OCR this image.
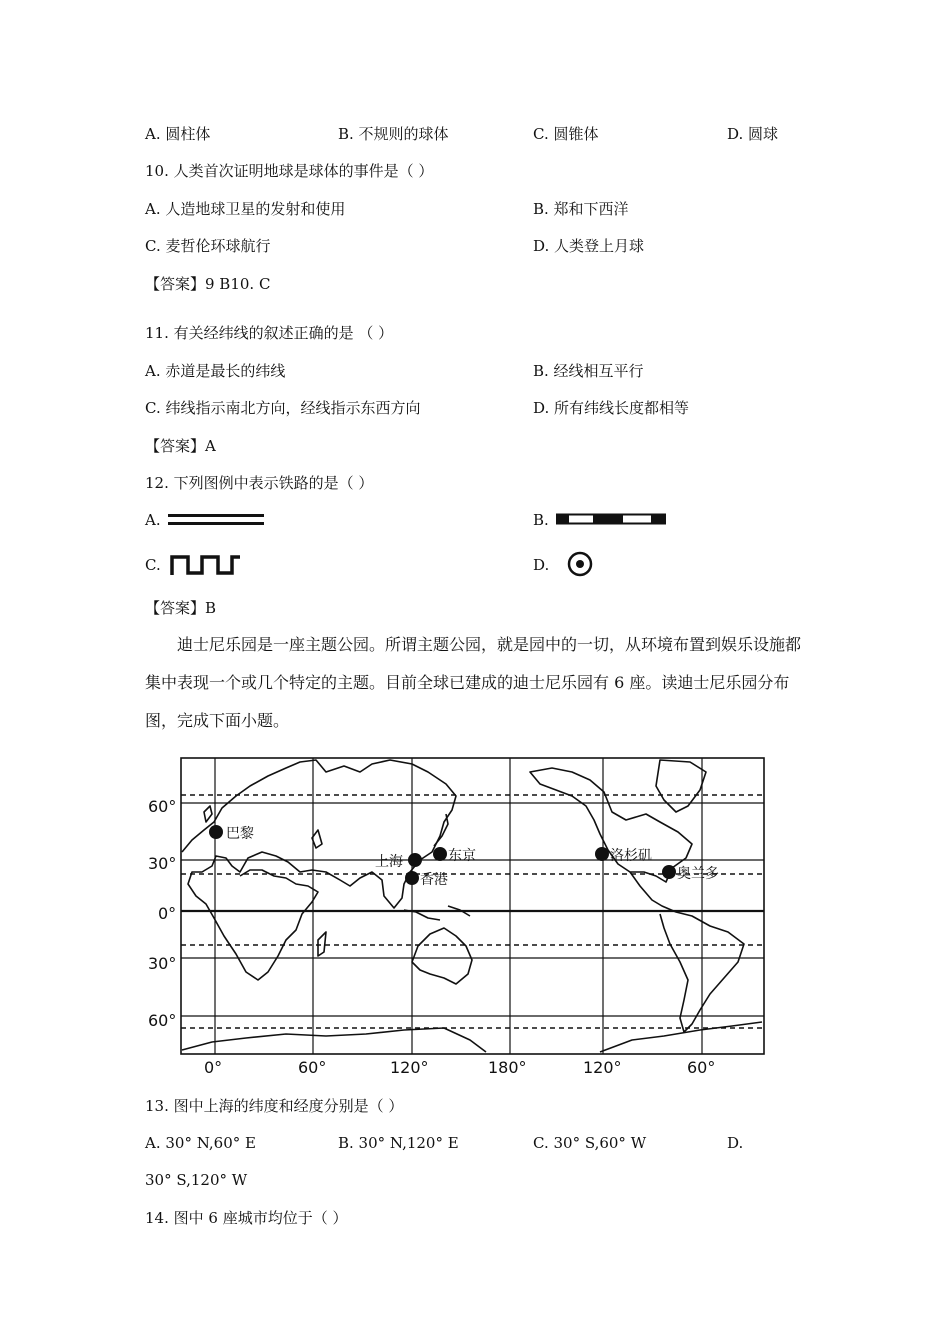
A. 圆柱体	B. 不规则的球体	C. 圆锥体	D. 圆球
10. 人类首次证明地球是球体的事件是（ ）
A. 人造地球卫星的发射和使用	B. 郑和下西洋
C. 麦哲伦环球航行	D. 人类登上月球
【答案】9 B10. C
11. 有关经纬线的叙述正确的是 （ ）
A. 赤道是最长的纬线	B. 经线相互平行
C. 纬线指示南北方向，经线指示东西方向	D. 所有纬线长度都相等
【答案】A
12. 下列图例中表示铁路的是（ ）
A.	B.
C.	D.
【答案】B
迪士尼乐园是一座主题公园。所谓主题公园，就是园中的一切，从环境布置到娱乐设施都集中表现一个或几个特定的主题。目前全球已建成的迪士尼乐园有 6 座。读迪士尼乐园分布图，完成下面小题。
巴黎
上海	东京
香港
洛杉矶
奥兰多
60°
30°
0°
30°
60°
0°	60°	120°	180°	120°	60°
13. 图中上海的纬度和经度分别是（ ）
A. 30° N,60° E	B. 30° N,120° E	C. 30° S,60° W	D.
30° S,120° W
14. 图中 6 座城市均位于（ ）
